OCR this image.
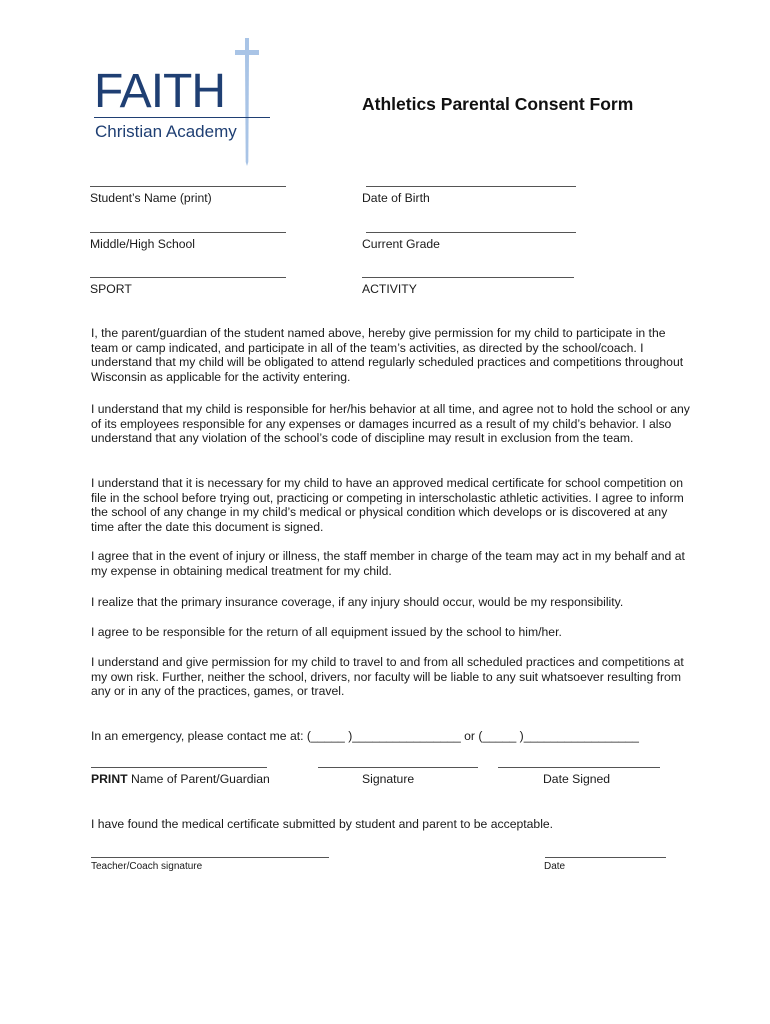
FAITH
Christian Academy
Athletics Parental Consent Form
Student’s Name (print)	Date of Birth
Middle/High School	Current Grade
SPORT	ACTIVITY

I, the parent/guardian of the student named above, hereby give permission for my child to participate in the team or camp indicated, and participate in all of the team’s activities, as directed by the school/coach. I understand that my child will be obligated to attend regularly scheduled practices and competitions throughout Wisconsin as applicable for the activity entering.

I understand that my child is responsible for her/his behavior at all time, and agree not to hold the school or any of its employees responsible for any expenses or damages incurred as a result of my child’s behavior. I also understand that any violation of the school’s code of discipline may result in exclusion from the team.

I understand that it is necessary for my child to have an approved medical certificate for school competition on file in the school before trying out, practicing or competing in interscholastic athletic activities. I agree to inform the school of any change in my child’s medical or physical condition which develops or is discovered at any time after the date this document is signed.

I agree that in the event of injury or illness, the staff member in charge of the team may act in my behalf and at my expense in obtaining medical treatment for my child.

I realize that the primary insurance coverage, if any injury should occur, would be my responsibility.

I agree to be responsible for the return of all equipment issued by the school to him/her.

I understand and give permission for my child to travel to and from all scheduled practices and competitions at my own risk. Further, neither the school, drivers, nor faculty will be liable to any suit whatsoever resulting from any or in any of the practices, games, or travel.

In an emergency, please contact me at: (_____ )________________ or (_____ )_________________
PRINT Name of Parent/Guardian	Signature	Date Signed
I have found the medical certificate submitted by student and parent to be acceptable.
Teacher/Coach signature	Date
